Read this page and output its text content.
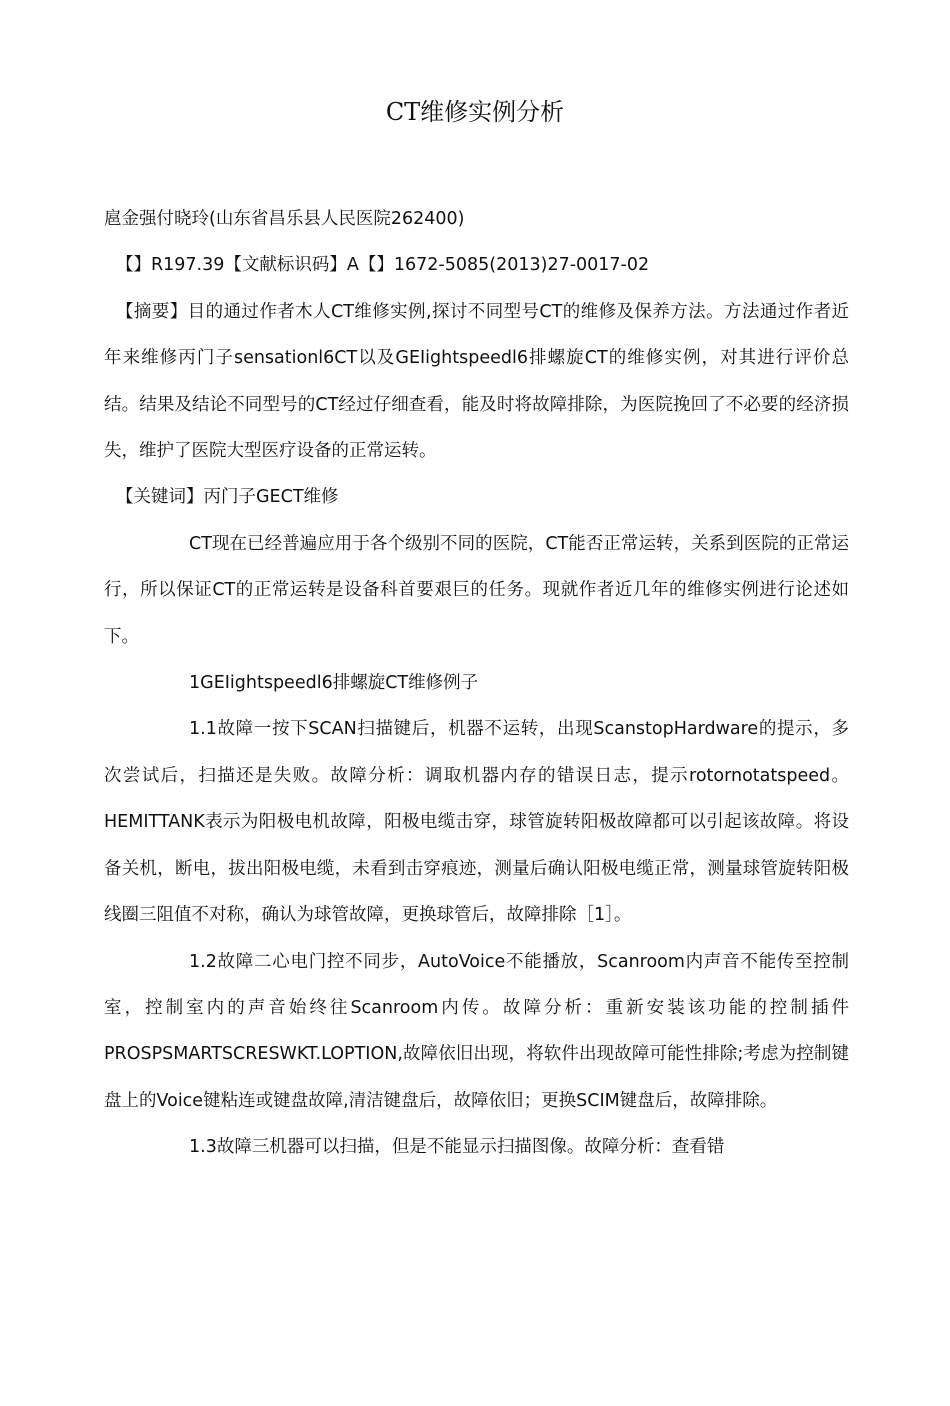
CT维修实例分析

扈金强付晓玲(山东省昌乐县人民医院262400)

【】R197.39【文献标识码】A【】1672-5085(2013)27-0017-02

【摘要】目的通过作者木人CT维修实例,探讨不同型号CT的维修及保养方法。方法通过作者近年来维修丙门子sensationl6CT以及GEIightspeedl6排螺旋CT的维修实例，对其进行评价总结。结果及结论不同型号的CT经过仔细查看，能及时将故障排除，为医院挽回了不必要的经济损失，维护了医院大型医疗设备的正常运转。

【关键词】丙门子GECT维修

CT现在已经普遍应用于各个级别不同的医院，CT能否正常运转，关系到医院的正常运行，所以保证CT的正常运转是设备科首要艰巨的任务。现就作者近几年的维修实例进行论述如下。

1GEIightspeedl6排螺旋CT维修例子

1.1故障一按下SCAN扫描键后，机器不运转，出现ScanstopHardware的提示，多次尝试后，扫描还是失败。故障分析：调取机器内存的错误日志，提示rotornotatspeed。HEMITTANK表示为阳极电机故障，阳极电缆击穿，球管旋转阳极故障都可以引起该故障。将设备关机，断电，拔出阳极电缆，未看到击穿痕迹，测量后确认阳极电缆正常，测量球管旋转阳极线圈三阻值不对称，确认为球管故障，更换球管后，故障排除［1］。

1.2故障二心电门控不同步，AutoVoice不能播放，Scanroom内声音不能传至控制室，控制室内的声音始终往Scanroom内传。故障分析：重新安装该功能的控制插件PROSPSMARTSCRESWKT.LOPTION,故障依旧出现，将软件出现故障可能性排除;考虑为控制键盘上的Voice键粘连或键盘故障,清洁键盘后，故障依旧；更换SCIM键盘后，故障排除。

1.3故障三机器可以扫描，但是不能显示扫描图像。故障分析：查看错
